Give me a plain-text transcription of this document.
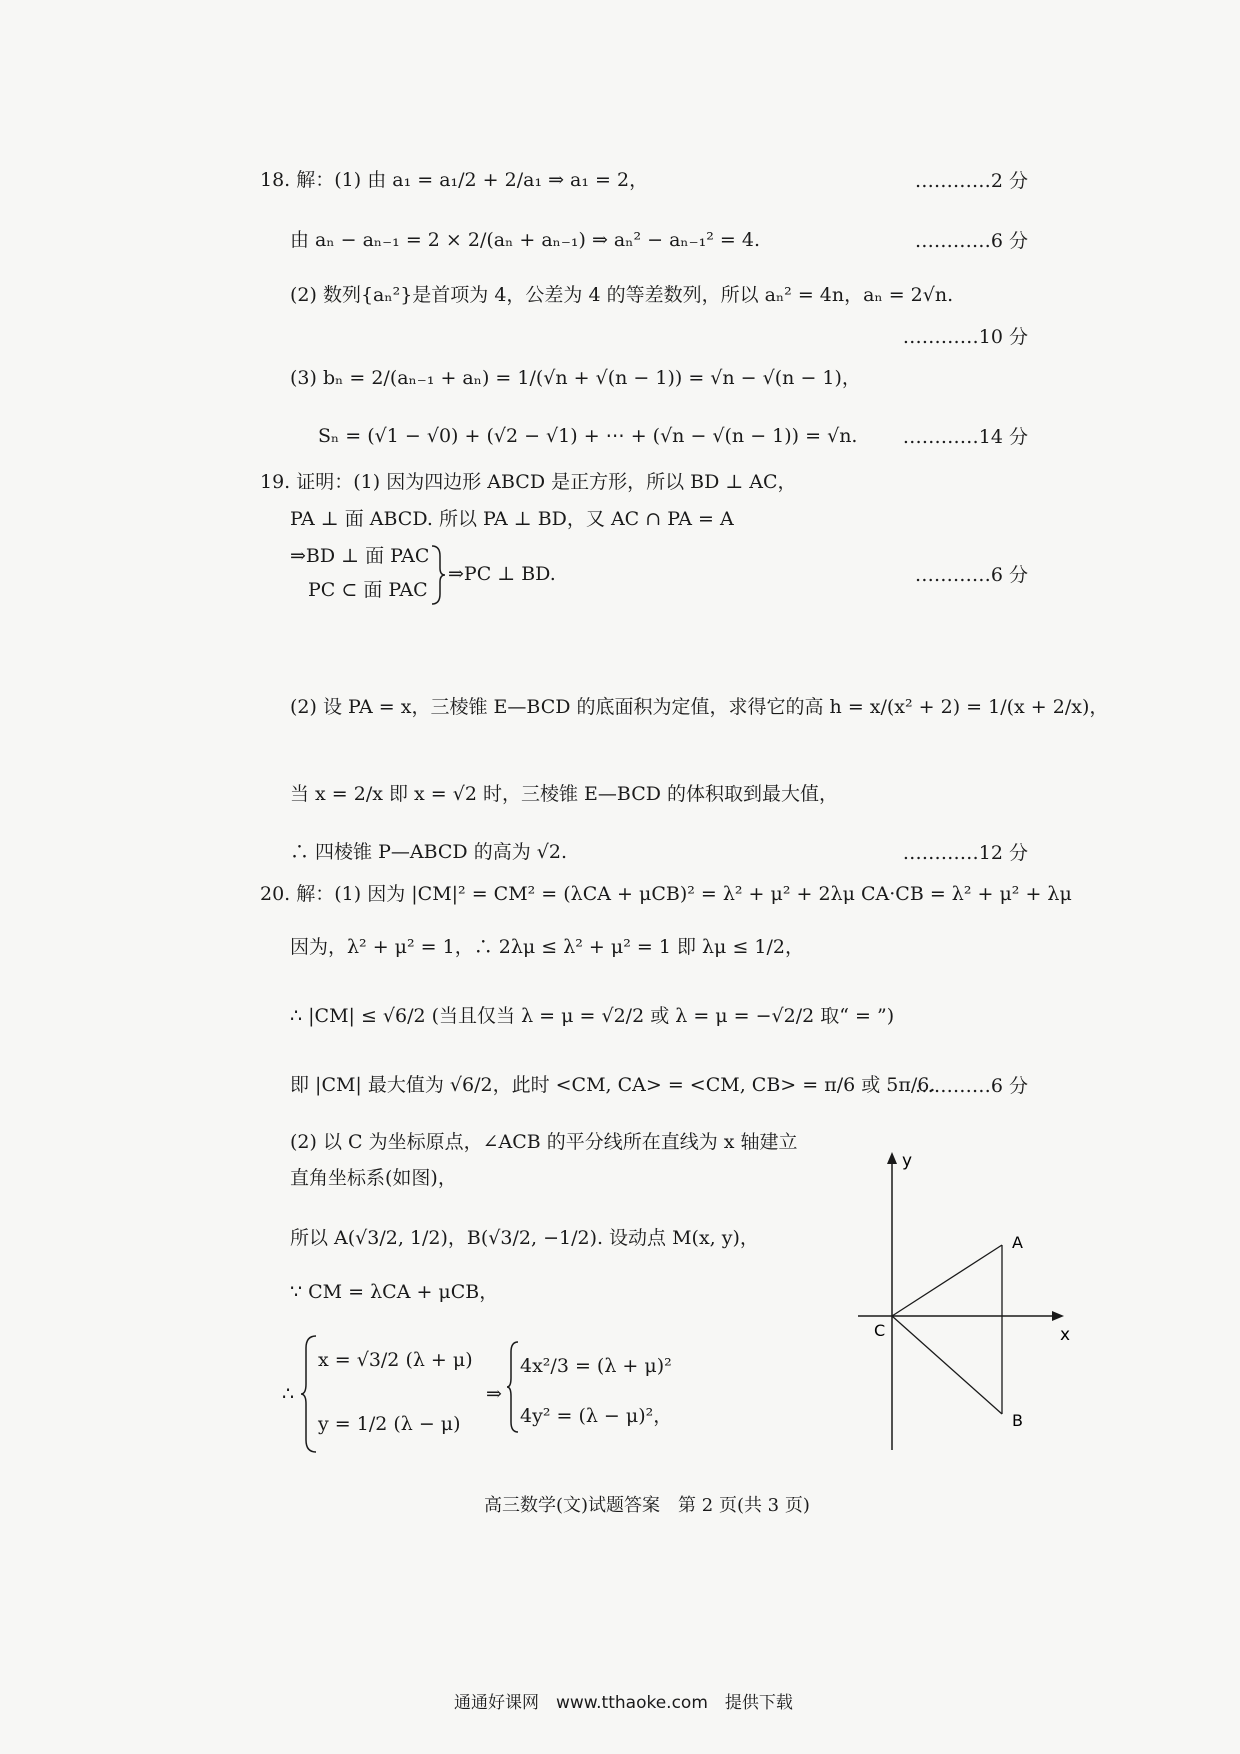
18. 解：(1) 由 a₁ = a₁/2 + 2/a₁ ⇒ a₁ = 2，	…………2 分
由 aₙ − aₙ₋₁ = 2 × 2/(aₙ + aₙ₋₁) ⇒ aₙ² − aₙ₋₁² = 4.	…………6 分
(2) 数列{aₙ²}是首项为 4，公差为 4 的等差数列，所以 aₙ² = 4n，aₙ = 2√n.
…………10 分
(3) bₙ = 2/(aₙ₋₁ + aₙ) = 1/(√n + √(n − 1)) = √n − √(n − 1)，
Sₙ = (√1 − √0) + (√2 − √1) + ⋯ + (√n − √(n − 1)) = √n. …………14 分
19. 证明：(1) 因为四边形 ABCD 是正方形，所以 BD ⊥ AC，
PA ⊥ 面 ABCD. 所以 PA ⊥ BD，又 AC ∩ PA = A
⇒BD ⊥ 面 PAC
PC ⊂ 面 PAC
⇒PC ⊥ BD.	…………6 分
(2) 设 PA = x，三棱锥 E—BCD 的底面积为定值，求得它的高 h = x/(x² + 2) = 1/(x + 2/x)，
当 x = 2/x 即 x = √2 时，三棱锥 E—BCD 的体积取到最大值，
∴ 四棱锥 P—ABCD 的高为 √2.	…………12 分
20. 解：(1) 因为 |CM|² = CM² = (λCA + μCB)² = λ² + μ² + 2λμ CA·CB = λ² + μ² + λμ
因为，λ² + μ² = 1，∴ 2λμ ≤ λ² + μ² = 1 即 λμ ≤ 1/2，
∴ |CM| ≤ √6/2 (当且仅当 λ = μ = √2/2 或 λ = μ = −√2/2 取“ = ”)
即 |CM| 最大值为 √6/2，此时 <CM, CA> = <CM, CB> = π/6 或 5π/6.
…………6 分
(2) 以 C 为坐标原点，∠ACB 的平分线所在直线为 x 轴建立
直角坐标系(如图)，
所以 A(√3/2, 1/2)，B(√3/2, −1/2). 设动点 M(x, y)，
∵ CM = λCA + μCB，
∴
x = √3/2 (λ + μ)
y = 1/2 (λ − μ)
⇒
4x²/3 = (λ + μ)²
4y² = (λ − μ)²，
y
x
A
B
C
高三数学(文)试题答案　第 2 页(共 3 页)
通通好课网　www.tthaoke.com　提供下载
